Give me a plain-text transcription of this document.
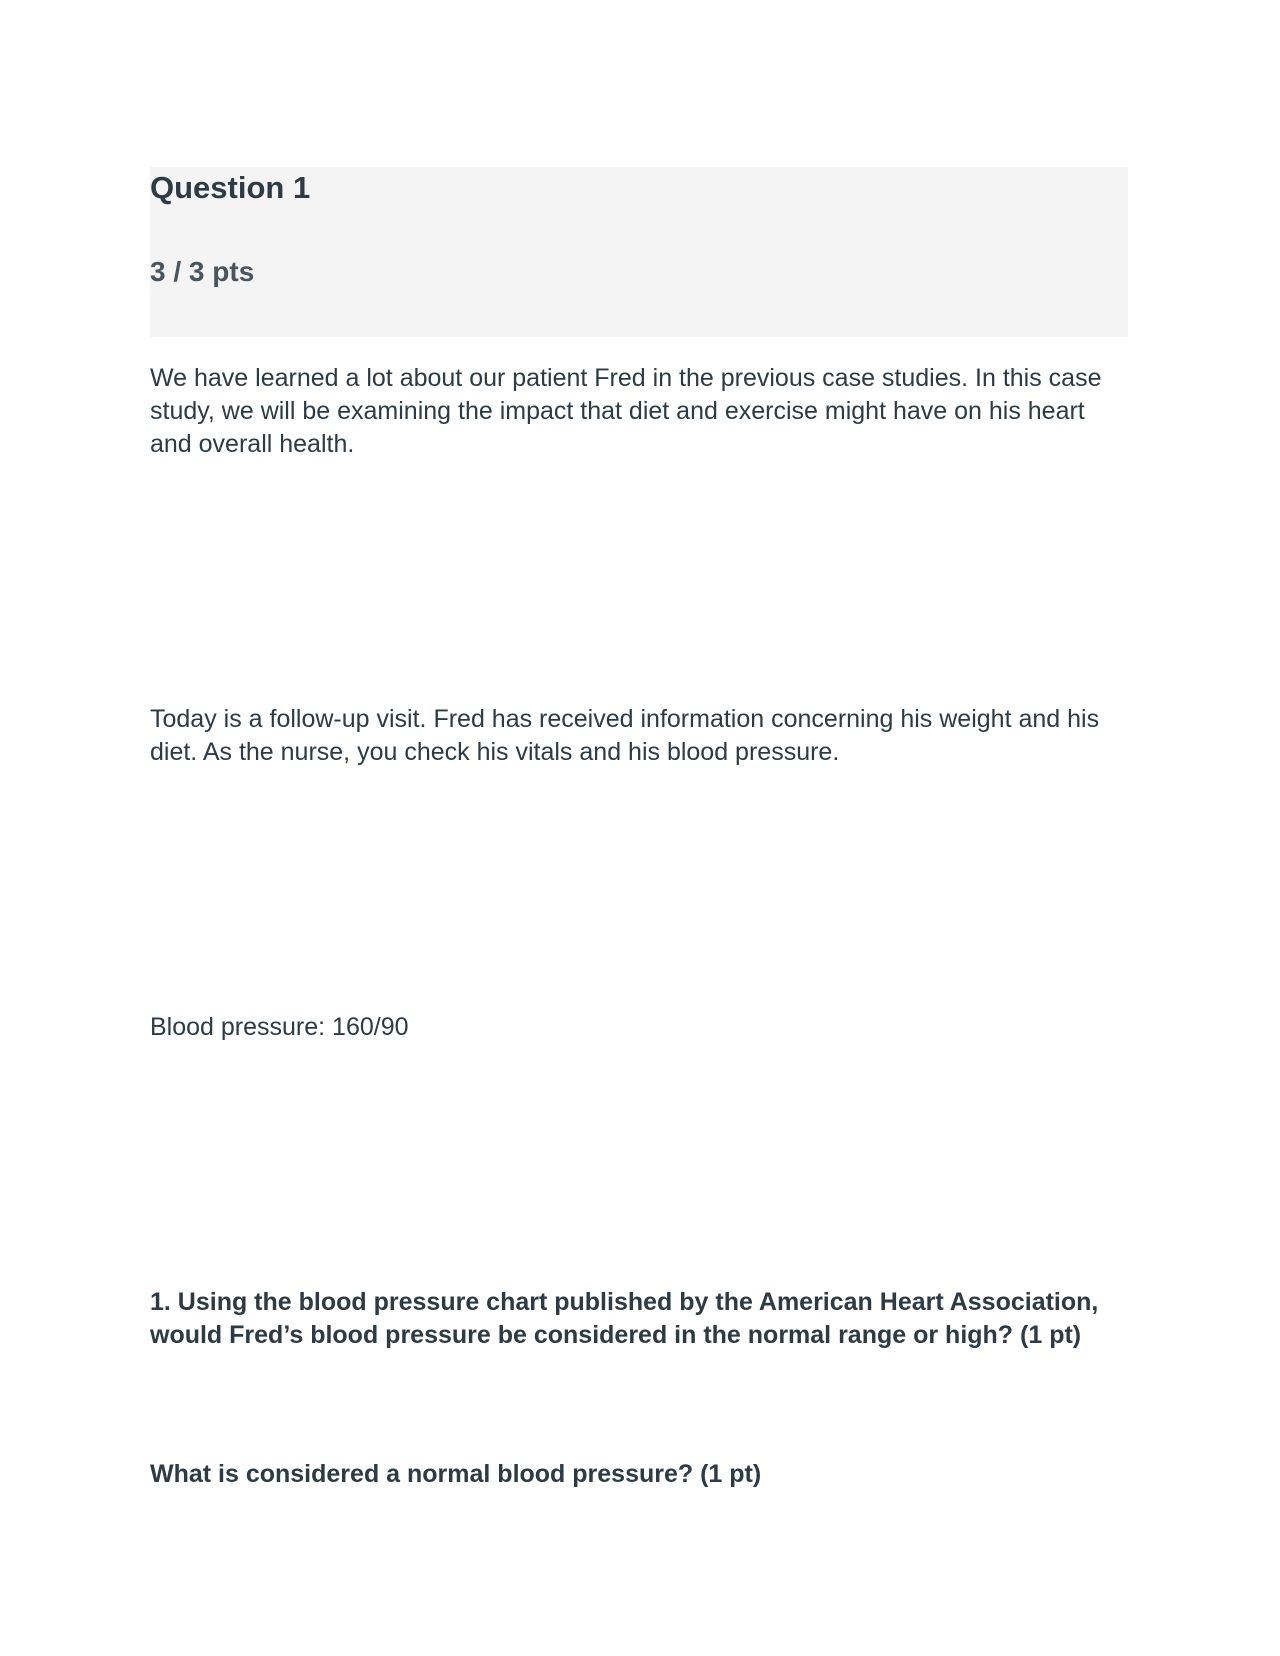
Question 1
3 / 3 pts

We have learned a lot about our patient Fred in the previous case studies. In this case study, we will be examining the impact that diet and exercise might have on his heart and overall health.

Today is a follow-up visit. Fred has received information concerning his weight and his diet. As the nurse, you check his vitals and his blood pressure.

Blood pressure: 160/90

1. Using the blood pressure chart published by the American Heart Association, would Fred’s blood pressure be considered in the normal range or high? (1 pt)

What is considered a normal blood pressure? (1 pt)
